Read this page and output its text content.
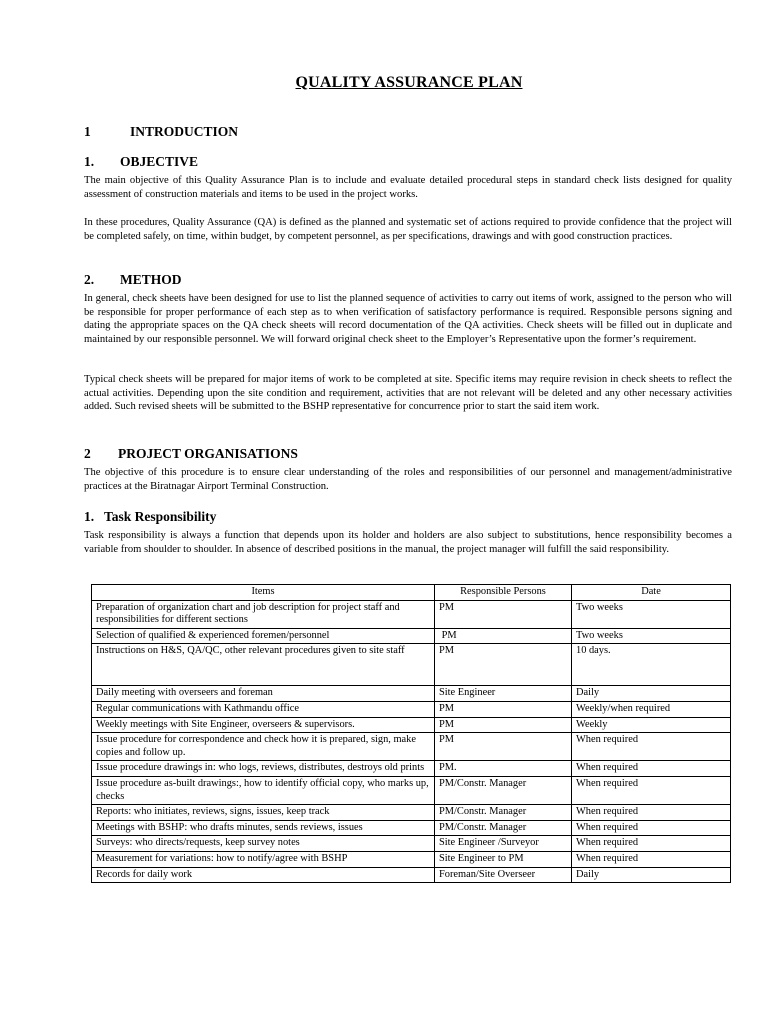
QUALITY ASSURANCE PLAN
1	INTRODUCTION
1. OBJECTIVE

The main objective of this Quality Assurance Plan is to include and evaluate detailed procedural steps in standard check lists designed for quality assessment of construction materials and items to be used in the project works.

In these procedures, Quality Assurance (QA) is defined as the planned and systematic set of actions required to provide confidence that the project will be completed safely, on time, within budget, by competent personnel, as per specifications, drawings and with good construction practices.

2. METHOD

In general, check sheets have been designed for use to list the planned sequence of activities to carry out items of work, assigned to the person who will be responsible for proper performance of each step as to when verification of satisfactory performance is required. Responsible persons signing and dating the appropriate spaces on the QA check sheets will record documentation of the QA activities. Check sheets will be filled out in duplicate and maintained by our responsible personnel. We will forward original check sheet to the Employer’s Representative upon the former’s requirement.

Typical check sheets will be prepared for major items of work to be completed at site. Specific items may require revision in check sheets to reflect the actual activities. Depending upon the site condition and requirement, activities that are not relevant will be deleted and any other necessary activities added. Such revised sheets will be submitted to the BSHP representative for concurrence prior to start the said item work.

2 PROJECT ORGANISATIONS

The objective of this procedure is to ensure clear understanding of the roles and responsibilities of our personnel and management/administrative practices at the Biratnagar Airport Terminal Construction.

1. Task Responsibility

Task responsibility is always a function that depends upon its holder and holders are also subject to substitutions, hence responsibility becomes a variable from shoulder to shoulder. In absence of described positions in the manual, the project manager will fulfill the said responsibility.

Items	Responsible Persons	Date
Preparation of organization chart and job description for project staff and responsibilities for different sections	PM	Two weeks
Selection of qualified & experienced foremen/personnel	PM	Two weeks
Instructions on H&S, QA/QC, other relevant procedures given to site staff	PM	10 days.
Daily meeting with overseers and foreman	Site Engineer	Daily
Regular communications with Kathmandu office	PM	Weekly/when required
Weekly meetings with Site Engineer, overseers & supervisors.	PM	Weekly
Issue procedure for correspondence and check how it is prepared, sign, make copies and follow up.	PM	When required
Issue procedure drawings in: who logs, reviews, distributes, destroys old prints	PM.	When required
Issue procedure as-built drawings:, how to identify official copy, who marks up, checks	PM/Constr. Manager	When required
Reports: who initiates, reviews, signs, issues, keep track	PM/Constr. Manager	When required
Meetings with BSHP: who drafts minutes, sends reviews, issues	PM/Constr. Manager	When required
Surveys: who directs/requests, keep survey notes	Site Engineer /Surveyor	When required
Measurement for variations: how to notify/agree with BSHP	Site Engineer to PM	When required
Records for daily work	Foreman/Site Overseer	Daily
